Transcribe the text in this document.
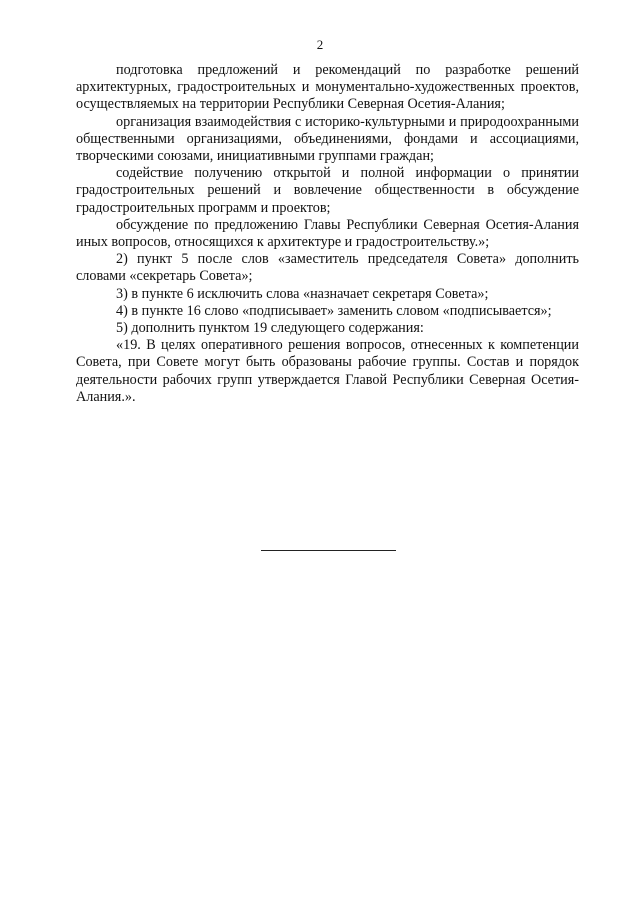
2

подготовка предложений и рекомендаций по разработке решений архитектурных, градостроительных и монументально-художественных проектов, осуществляемых на территории Республики Северная Осетия-Алания;

организация взаимодействия с историко-культурными и природоохранными общественными организациями, объединениями, фондами и ассоциациями, творческими союзами, инициативными группами граждан;

содействие получению открытой и полной информации о принятии градостроительных решений и вовлечение общественности в обсуждение градостроительных программ и проектов;

обсуждение по предложению Главы Республики Северная Осетия-Алания иных вопросов, относящихся к архитектуре и градостроительству.»;

2) пункт 5 после слов «заместитель председателя Совета» дополнить словами «секретарь Совета»;

3) в пункте 6 исключить слова «назначает секретаря Совета»;

4) в пункте 16 слово «подписывает» заменить словом «подписывается»;

5) дополнить пунктом 19 следующего содержания:

«19. В целях оперативного решения вопросов, отнесенных к компетенции Совета, при Совете могут быть образованы рабочие группы. Состав и порядок деятельности рабочих групп утверждается Главой Республики Северная Осетия-Алания.».
